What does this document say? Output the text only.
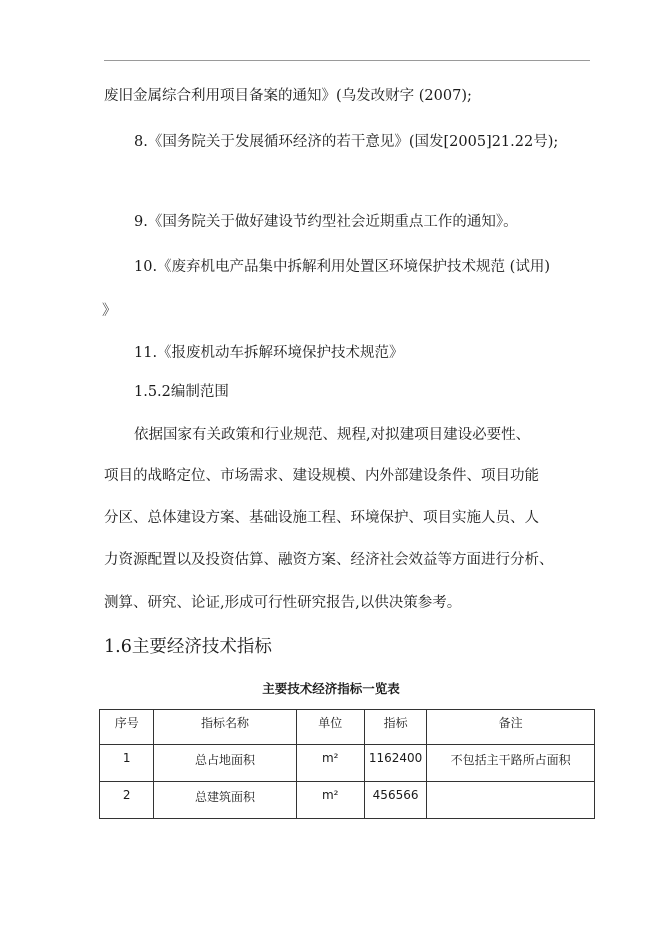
废旧金属综合利用项目备案的通知》(乌发改财字 (2007);
8.《国务院关于发展循环经济的若干意见》(国发[2005]21.22号);
9.《国务院关于做好建设节约型社会近期重点工作的通知》。
10.《废弃机电产品集中拆解利用处置区环境保护技术规范 (试用)
》
11.《报废机动车拆解环境保护技术规范》
1.5.2编制范围
依据国家有关政策和行业规范、规程,对拟建项目建设必要性、
项目的战略定位、市场需求、建设规模、内外部建设条件、项目功能
分区、总体建设方案、基础设施工程、环境保护、项目实施人员、人
力资源配置以及投资估算、融资方案、经济社会效益等方面进行分析、
测算、研究、论证,形成可行性研究报告,以供决策参考。
1.6主要经济技术指标
主要技术经济指标一览表
序号	指标名称	单位	指标	备注
1	总占地面积	m²	1162400	不包括主干路所占面积
2	总建筑面积	m²	456566	
